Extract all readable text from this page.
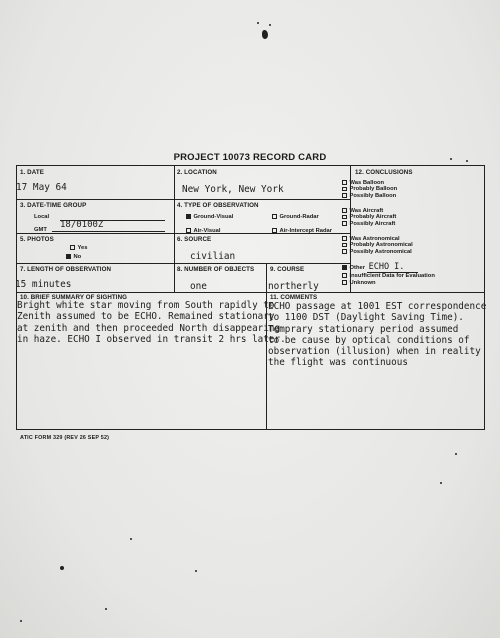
PROJECT 10073 RECORD CARD
1. DATE
17 May 64
2. LOCATION
New York, New York
3. DATE-TIME GROUP
Local
GMT 18/0100Z
4. TYPE OF OBSERVATION
Ground-Visual	Ground-Radar
Air-Visual	Air-Intercept Radar
5. PHOTOS
Yes
No
6. SOURCE
civilian
7. LENGTH OF OBSERVATION
15 minutes
8. NUMBER OF OBJECTS
one
9. COURSE
northerly
10. BRIEF SUMMARY OF SIGHTING
Bright white star moving from South rapidly to
Zenith assumed to be ECHO. Remained stationary
at zenith and then proceeded North disappearing
in haze. ECHO I observed in transit 2 hrs later.
11. COMMENTS
ECHO passage at 1001 EST correspondence
to 1100 DST (Daylight Saving Time).
Temprary stationary period assumed
to be cause by optical conditions of
observation (illusion) when in reality
the flight was continuous
12. CONCLUSIONS
Was Balloon
Probably Balloon
Possibly Balloon
Was Aircraft
Probably Aircraft
Possibly Aircraft
Was Astronomical
Probably Astronomical
Possibly Astronomical
Other ECHO I.
Insufficient Data for Evaluation
Unknown
ATIC FORM 329 (REV 26 SEP 52)
